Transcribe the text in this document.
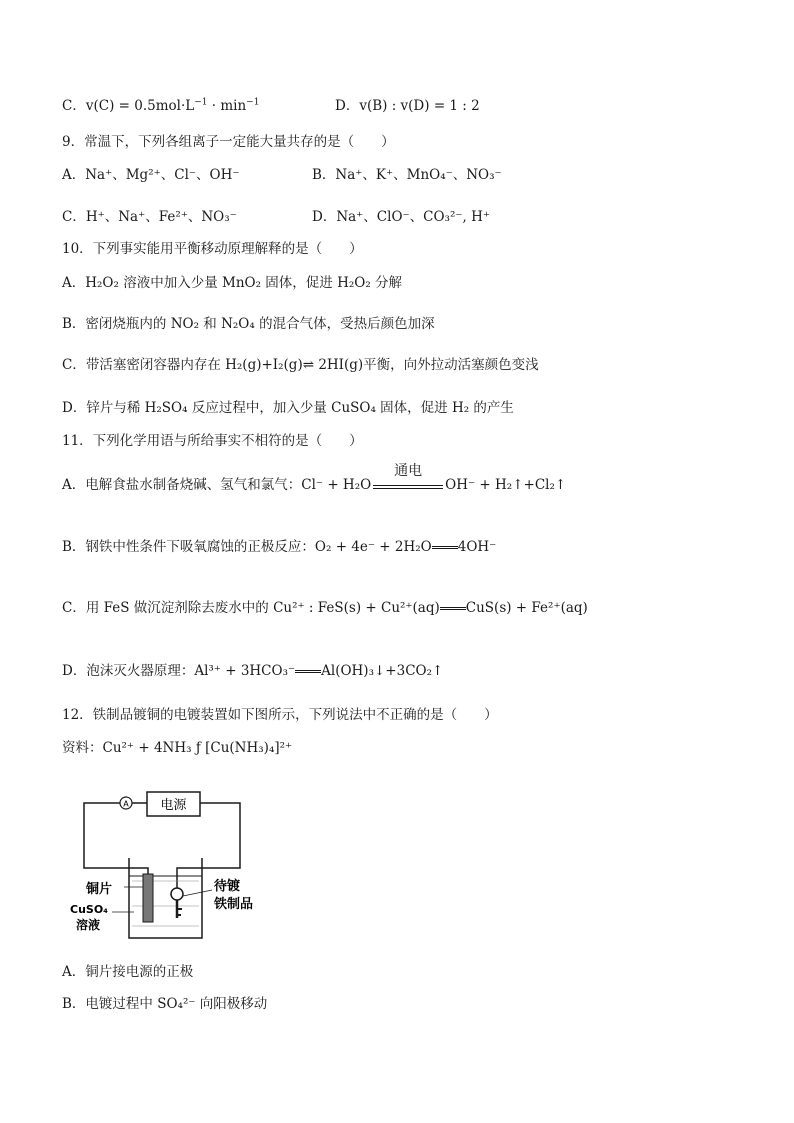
C．$v(C) = 0.5mol\cdot L^{-1} \cdot \min^{-1}$	D．v(B) : v(D) = 1 : 2
9．常温下，下列各组离子一定能大量共存的是（　　）
A．Na⁺、Mg²⁺、Cl⁻、OH⁻	B．Na⁺、K⁺、MnO₄⁻、NO₃⁻
C．H⁺、Na⁺、Fe²⁺、NO₃⁻	D．Na⁺、ClO⁻、CO₃²⁻, H⁺
10．下列事实能用平衡移动原理解释的是（　　）
A．H₂O₂ 溶液中加入少量 MnO₂ 固体，促进 H₂O₂ 分解
B．密闭烧瓶内的 NO₂ 和 N₂O₄ 的混合气体，受热后颜色加深
C．带活塞密闭容器内存在 H₂(g)+I₂(g)⇌ 2HI(g)平衡，向外拉动活塞颜色变浅
D．锌片与稀 H₂SO₄ 反应过程中，加入少量 CuSO₄ 固体，促进 H₂ 的产生
11．下列化学用语与所给事实不相符的是（　　）
A．电解食盐水制备烧碱、氢气和氯气：Cl⁻ + H₂O
通电
OH⁻ + H₂↑+Cl₂↑
B．钢铁中性条件下吸氧腐蚀的正极反应：O₂ + 4e⁻ + 2H₂O 4OH⁻
C．用 FeS 做沉淀剂除去废水中的 Cu²⁺ : FeS(s) + Cu²⁺(aq) CuS(s) + Fe²⁺(aq)
D．泡沫灭火器原理：Al³⁺ + 3HCO₃⁻ Al(OH)₃↓+3CO₂↑
12．铁制品镀铜的电镀装置如下图所示，下列说法中不正确的是（　　）
资料：Cu²⁺ + 4NH₃ ƒ [Cu(NH₃)₄]²⁺
A 电源
铜片
CuSO₄
溶液
待镀
铁制品
A．铜片接电源的正极
B．电镀过程中 SO₄²⁻ 向阳极移动
